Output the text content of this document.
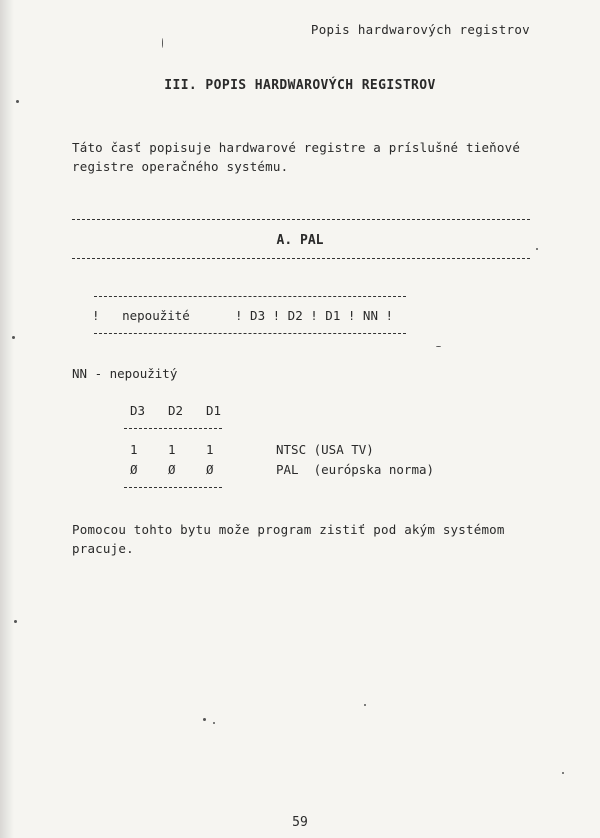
Popis hardwarových registrov
III. POPIS HARDWAROVÝCH REGISTROV
Táto časť popisuje hardwarové registre a príslušné tieňové registre operačného systému.
A. PAL
!   nepoužité      ! D3 ! D2 ! D1 ! NN !
NN - nepoužitý
D3 D2 D1
1 1 1	NTSC (USA TV)
Ø Ø Ø	PAL  (európska norma)
Pomocou tohto bytu može program zistiť pod akým systémom pracuje.
59
